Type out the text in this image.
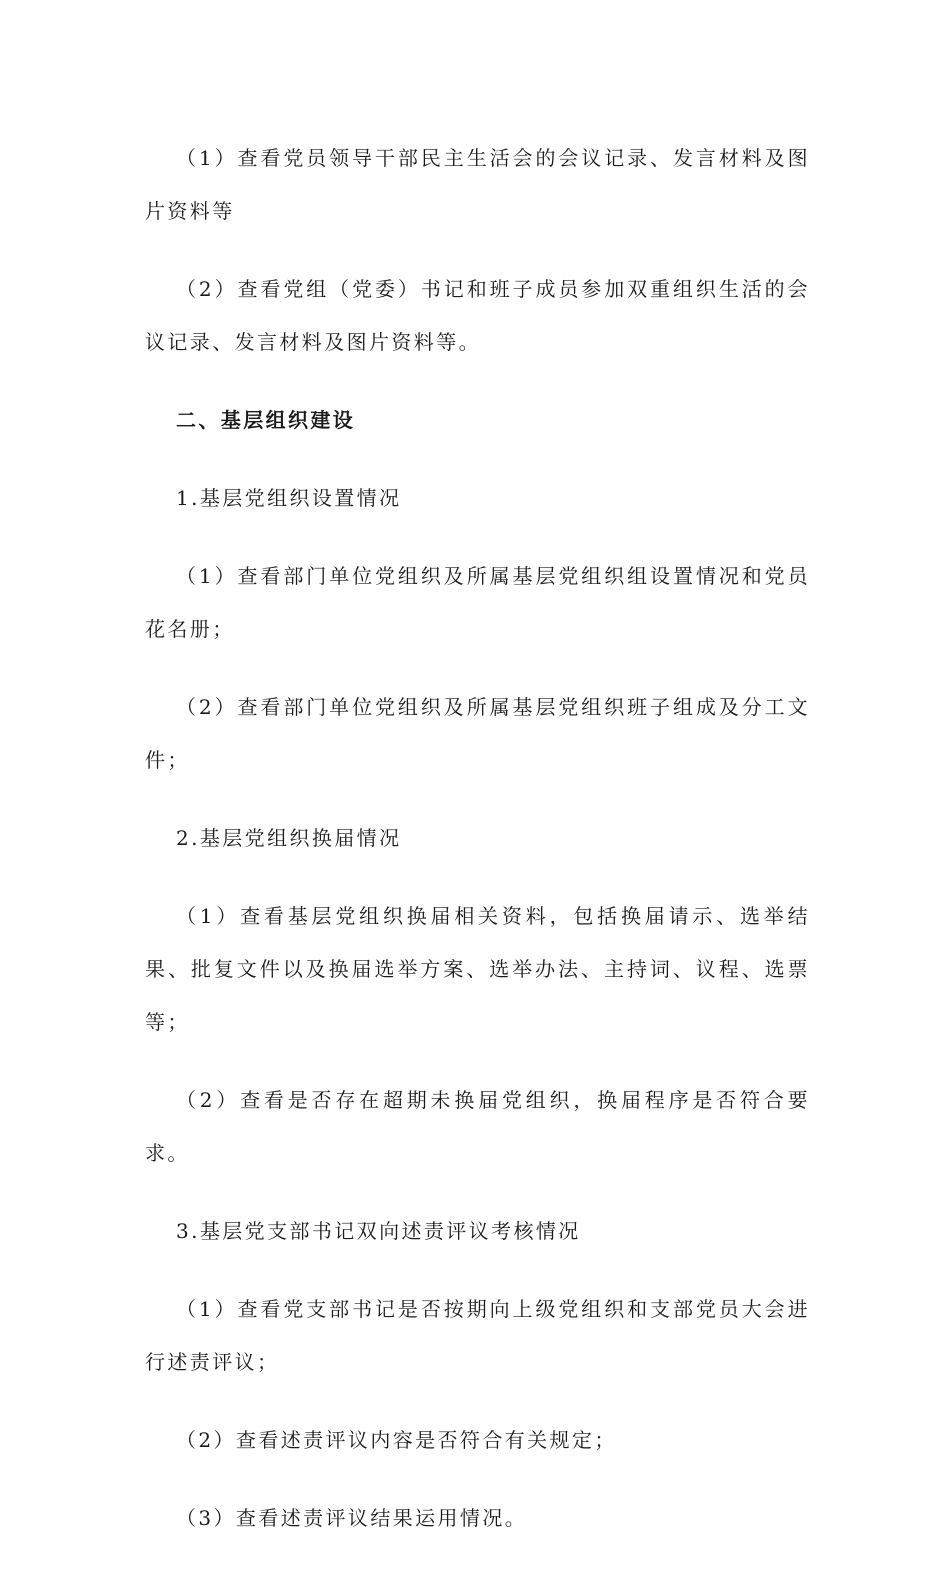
（1）查看党员领导干部民主生活会的会议记录、发言材料及图片资料等

（2）查看党组（党委）书记和班子成员参加双重组织生活的会议记录、发言材料及图片资料等。

二、基层组织建设

1.基层党组织设置情况

（1）查看部门单位党组织及所属基层党组织组设置情况和党员花名册；

（2）查看部门单位党组织及所属基层党组织班子组成及分工文件；

2.基层党组织换届情况

（1）查看基层党组织换届相关资料，包括换届请示、选举结果、批复文件以及换届选举方案、选举办法、主持词、议程、选票等；

（2）查看是否存在超期未换届党组织，换届程序是否符合要求。

3.基层党支部书记双向述责评议考核情况

（1）查看党支部书记是否按期向上级党组织和支部党员大会进行述责评议；

（2）查看述责评议内容是否符合有关规定；

（3）查看述责评议结果运用情况。
